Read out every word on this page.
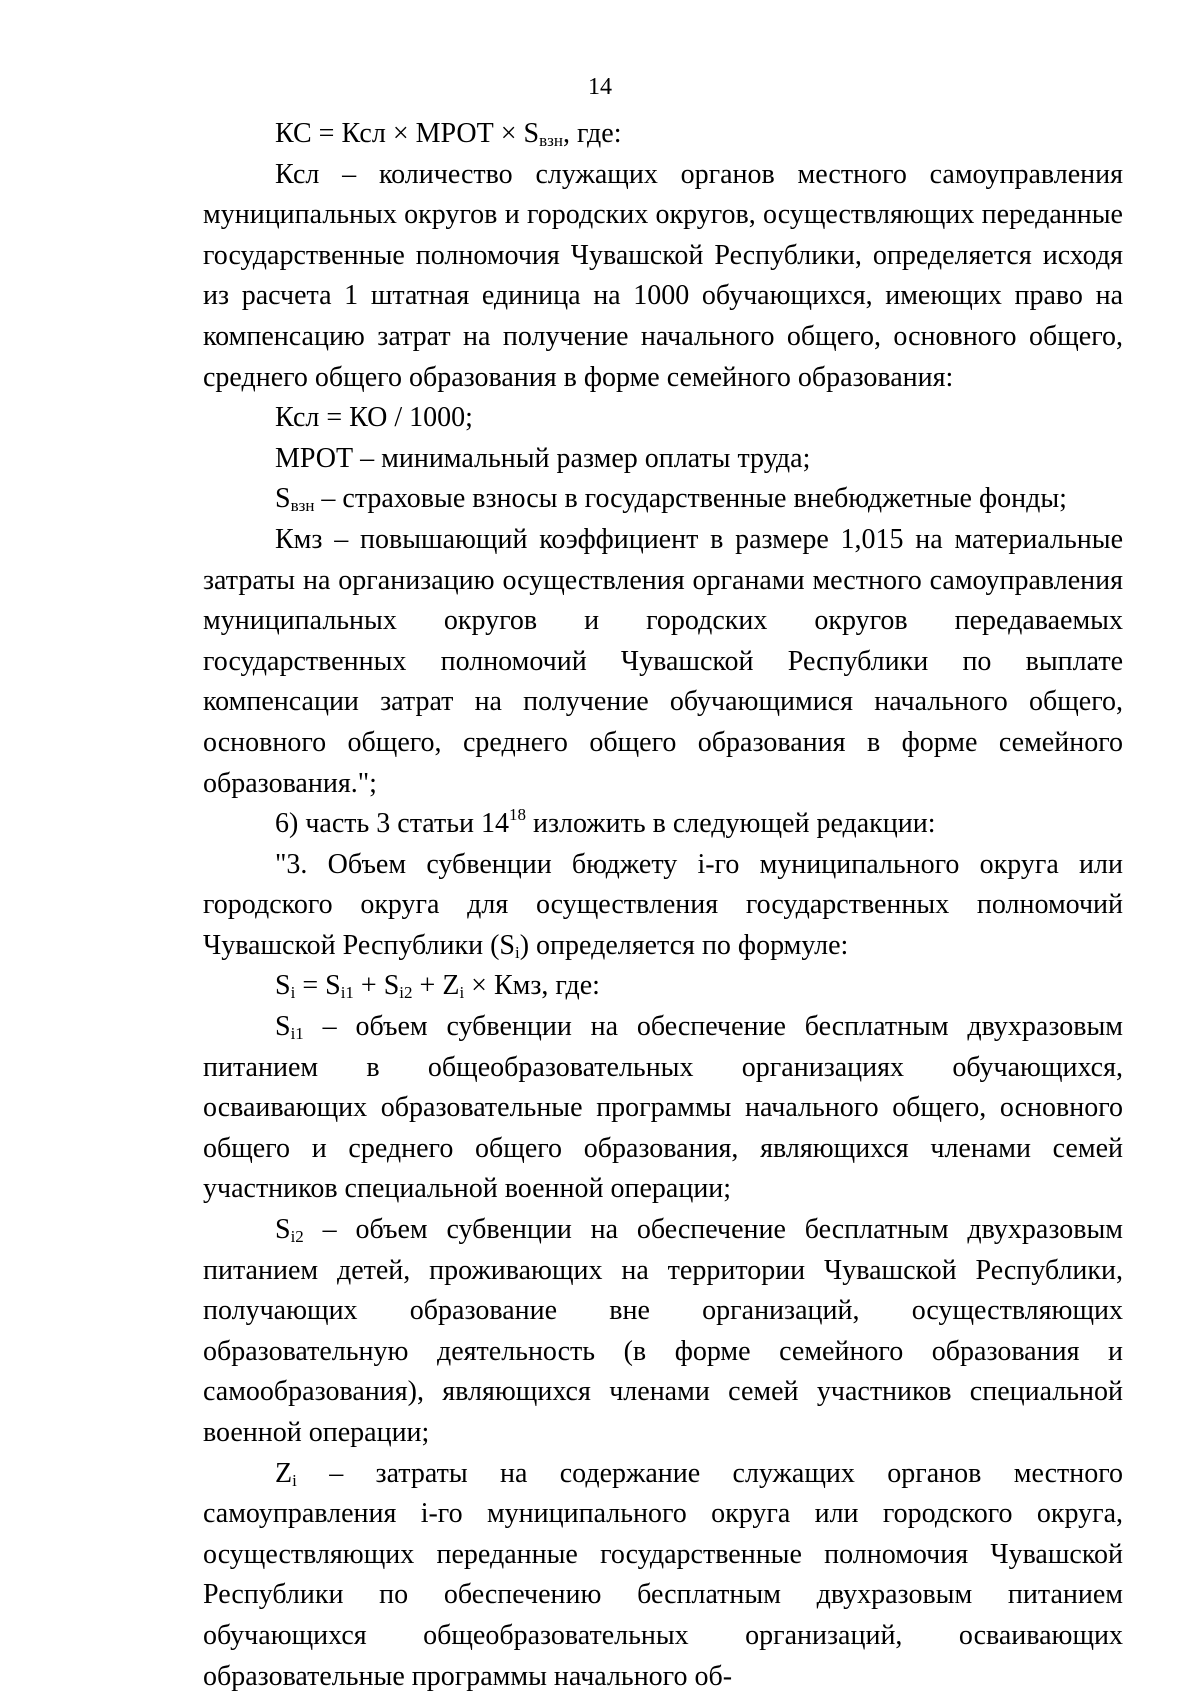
14

КС = Ксл × МРОТ × $S_{взн}$, где:

Ксл – количество служащих органов местного самоуправления муниципальных округов и городских округов, осуществляющих переданные государственные полномочия Чувашской Республики, определяется исходя из расчета 1 штатная единица на 1000 обучающихся, имеющих право на компенсацию затрат на получение начального общего, основного общего, среднего общего образования в форме семейного образования:

Ксл = КО / 1000;

МРОТ – минимальный размер оплаты труда;

$S_{взн}$ – страховые взносы в государственные внебюджетные фонды;

Кмз – повышающий коэффициент в размере 1,015 на материальные затраты на организацию осуществления органами местного самоуправления муниципальных округов и городских округов передаваемых государственных полномочий Чувашской Республики по выплате компенсации затрат на получение обучающимися начального общего, основного общего, среднего общего образования в форме семейного образования.";

6) часть 3 статьи $14^{18}$ изложить в следующей редакции:

"3. Объем субвенции бюджету i-го муниципального округа или городского округа для осуществления государственных полномочий Чувашской Республики $(S_i)$ определяется по формуле:

$S_i = S_{i1} + S_{i2} + Z_i$ × Кмз, где:

$S_{i1}$ – объем субвенции на обеспечение бесплатным двухразовым питанием в общеобразовательных организациях обучающихся, осваивающих образовательные программы начального общего, основного общего и среднего общего образования, являющихся членами семей участников специальной военной операции;

$S_{i2}$ – объем субвенции на обеспечение бесплатным двухразовым питанием детей, проживающих на территории Чувашской Республики, получающих образование вне организаций, осуществляющих образовательную деятельность (в форме семейного образования и самообразования), являющихся членами семей участников специальной военной операции;

$Z_i$ – затраты на содержание служащих органов местного самоуправления i-го муниципального округа или городского округа, осуществляющих переданные государственные полномочия Чувашской Республики по обеспечению бесплатным двухразовым питанием обучающихся общеобразовательных организаций, осваивающих образовательные программы начального об-
